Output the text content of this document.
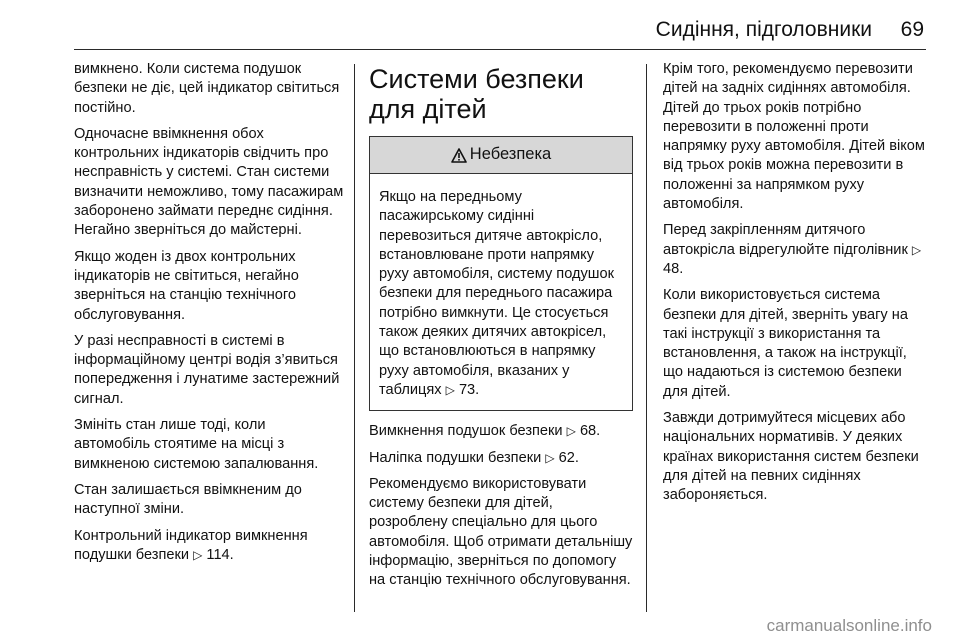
Сидіння, підголовники 69

вимкнено. Коли система подушок безпеки не діє, цей індикатор світиться постійно.

Одночасне ввімкнення обох контрольних індикаторів свідчить про несправність у системі. Стан системи визначити неможливо, тому пасажирам заборонено займати переднє сидіння. Негайно зверніться до майстерні.

Якщо жоден із двох контрольних індикаторів не світиться, негайно зверніться на станцію технічного обслуговування.

У разі несправності в системі в інформаційному центрі водія з’явиться попередження і лунатиме застережний сигнал.

Змініть стан лише тоді, коли автомобіль стоятиме на місці з вимкненою системою запалювання.

Стан залишається ввімкненим до наступної зміни.

Контрольний індикатор вимкнення подушки безпеки ▷ 114.

Системи безпеки для дітей
Небезпека
Якщо на передньому пасажирському сидінні перевозиться дитяче автокрісло, встановлюване проти напрямку руху автомобіля, систему подушок безпеки для переднього пасажира потрібно вимкнути. Це стосується також деяких дитячих автокрісел, що встановлюються в напрямку руху автомобіля, вказаних у таблицях ▷ 73.

Вимкнення подушок безпеки ▷ 68.

Наліпка подушки безпеки ▷ 62.

Рекомендуємо використовувати систему безпеки для дітей, розроблену спеціально для цього автомобіля. Щоб отримати детальнішу інформацію, зверніться по допомогу на станцію технічного обслуговування.

Крім того, рекомендуємо перевозити дітей на задніх сидіннях автомобіля. Дітей до трьох років потрібно перевозити в положенні проти напрямку руху автомобіля. Дітей віком від трьох років можна перевозити в положенні за напрямком руху автомобіля.

Перед закріпленням дитячого автокрісла відрегулюйте підголівник ▷ 48.

Коли використовується система безпеки для дітей, зверніть увагу на такі інструкції з використання та встановлення, а також на інструкції, що надаються із системою безпеки для дітей.

Завжди дотримуйтеся місцевих або національних нормативів. У деяких країнах використання систем безпеки для дітей на певних сидіннях забороняється.

carmanualsonline.info
